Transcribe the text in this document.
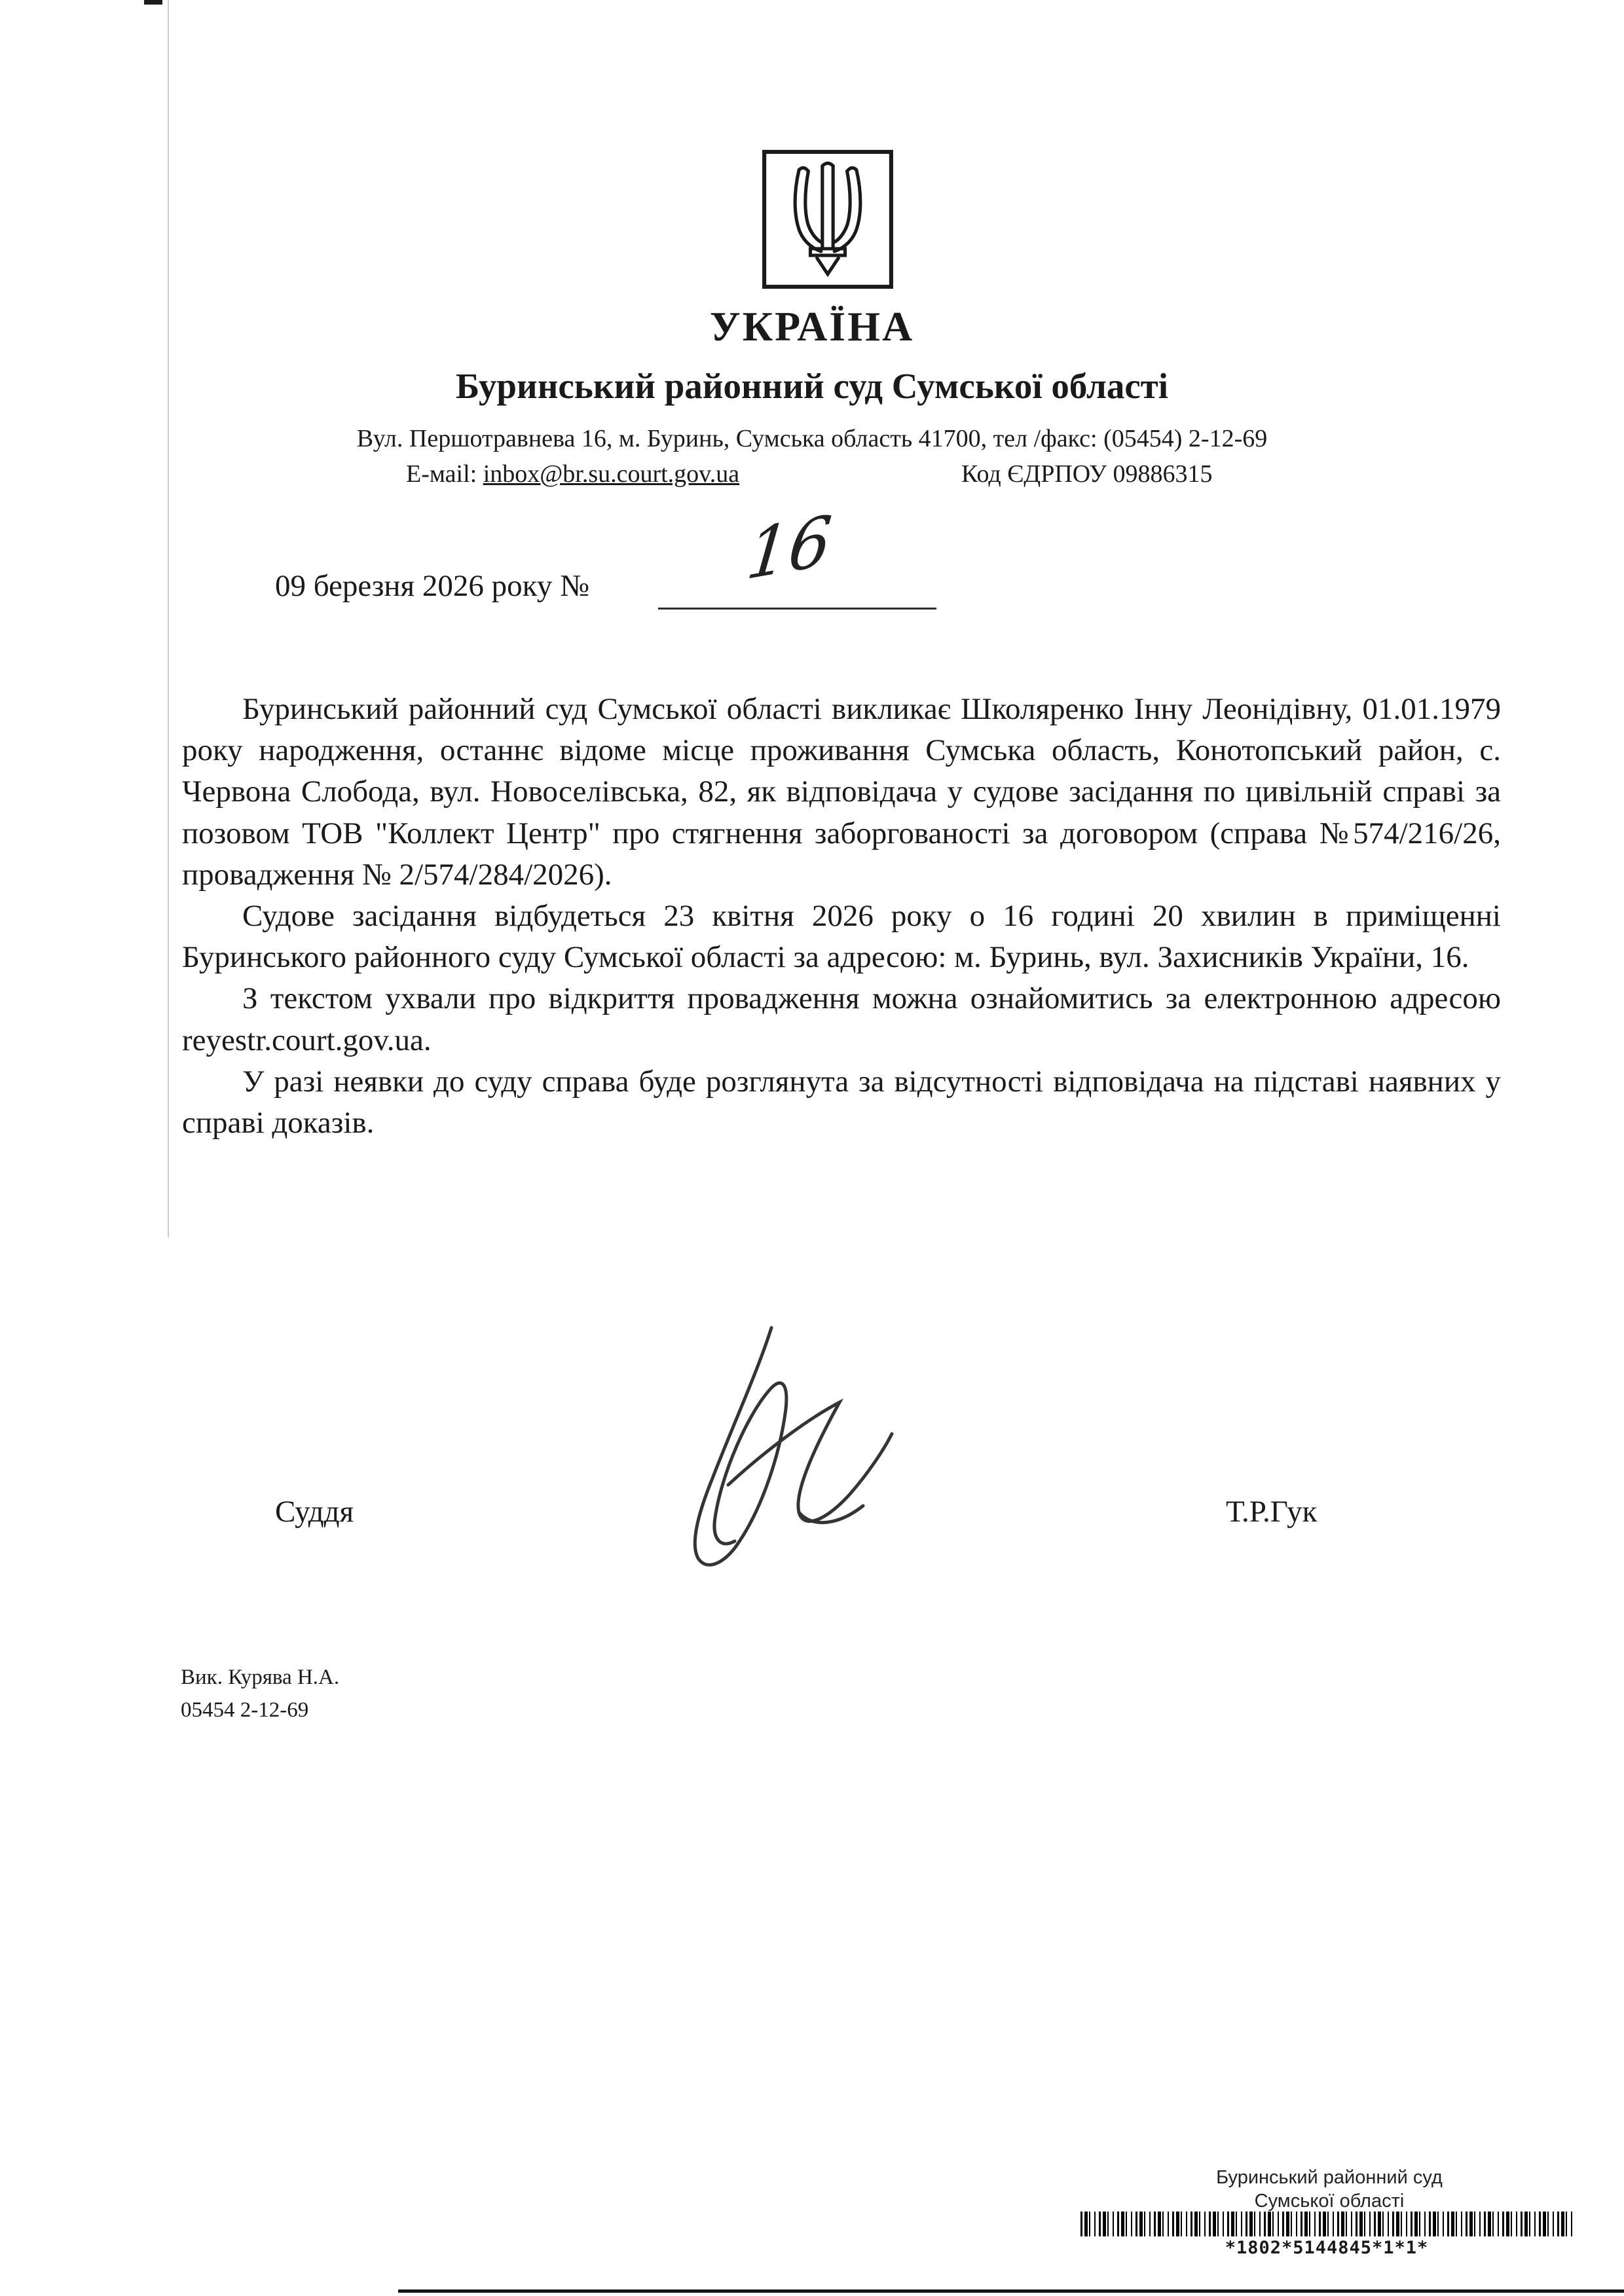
УКРАЇНА
Буринський районний суд Сумської області
Вул. Першотравнева 16, м. Буринь, Сумська область 41700, тел /факс: (05454) 2-12-69
E-маіl: inbox@br.su.court.gov.ua	Код ЄДРПОУ 09886315
09 березня 2026 року № 16

Буринський районний суд Сумської області викликає Школяренко Інну Леонідівну, 01.01.1979 року народження, останнє відоме місце проживання Сумська область, Конотопський район, с. Червона Слобода, вул. Новоселівська, 82, як відповідача у судове засідання по цивільній справі за позовом ТОВ "Коллект Центр" про стягнення заборгованості за договором (справа №574/216/26, провадження № 2/574/284/2026).

Судове засідання відбудеться 23 квітня 2026 року о 16 годині 20 хвилин в приміщенні Буринського районного суду Сумської області за адресою: м. Буринь, вул. Захисників України, 16.

З текстом ухвали про відкриття провадження можна ознайомитись за електронною адресою reyestr.court.gov.ua.

У разі неявки до суду справа буде розглянута за відсутності відповідача на підставі наявних у справі доказів.

Суддя	Т.Р.Гук
Вик. Курява Н.А.
05454 2-12-69
Буринський районний суд
Сумської області
*1802*5144845*1*1*
